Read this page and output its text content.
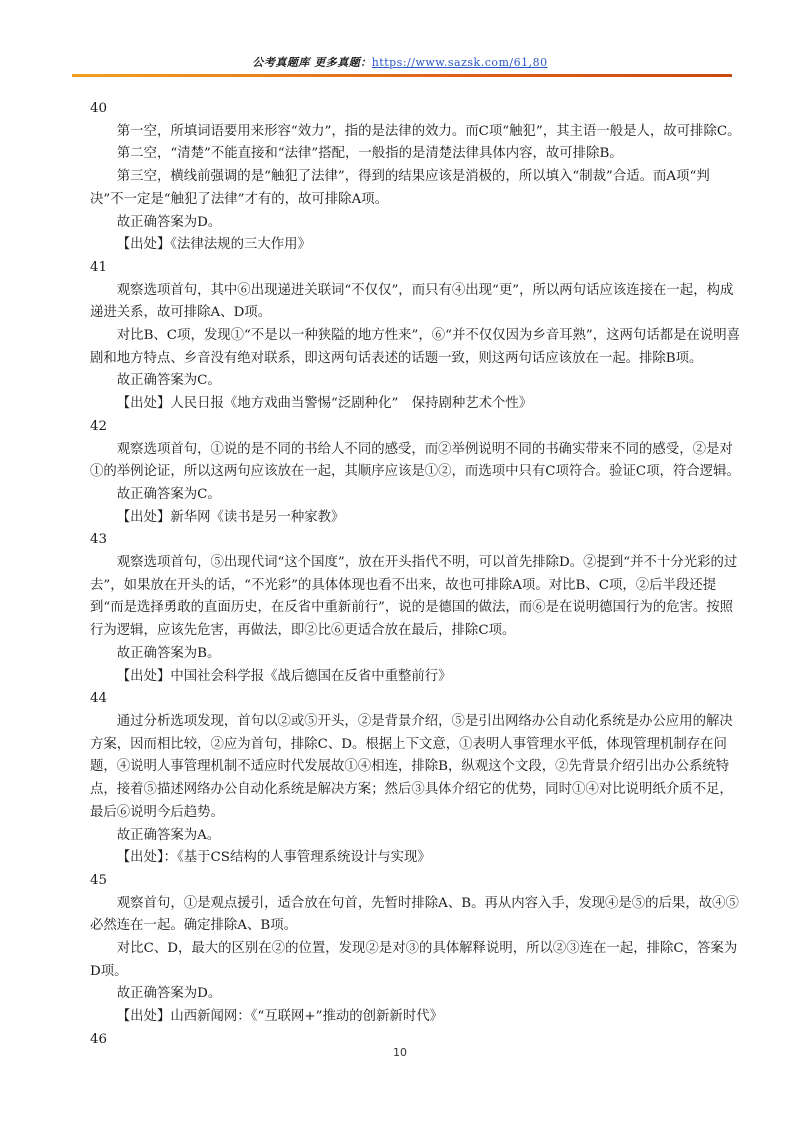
公考真题库 更多真题：https://www.sazsk.com/61,80

40

第一空，所填词语要用来形容“效力”，指的是法律的效力。而C项“触犯”，其主语一般是人，故可排除C。

第二空，“清楚”不能直接和“法律”搭配，一般指的是清楚法律具体内容，故可排除B。

第三空，横线前强调的是“触犯了法律”，得到的结果应该是消极的，所以填入“制裁”合适。而A项“判决”不一定是“触犯了法律”才有的，故可排除A项。

故正确答案为D。

【出处】《法律法规的三大作用》

41

观察选项首句，其中⑥出现递进关联词“不仅仅”，而只有④出现“更”，所以两句话应该连接在一起，构成递进关系，故可排除A、D项。

对比B、C项，发现①“不是以一种狭隘的地方性来”，⑥“并不仅仅因为乡音耳熟”，这两句话都是在说明喜剧和地方特点、乡音没有绝对联系，即这两句话表述的话题一致，则这两句话应该放在一起。排除B项。

故正确答案为C。

【出处】人民日报《地方戏曲当警惕“泛剧种化”　保持剧种艺术个性》

42

观察选项首句，①说的是不同的书给人不同的感受，而②举例说明不同的书确实带来不同的感受，②是对①的举例论证，所以这两句应该放在一起，其顺序应该是①②，而选项中只有C项符合。验证C项，符合逻辑。

故正确答案为C。

【出处】新华网《读书是另一种家教》

43

观察选项首句，⑤出现代词“这个国度”，放在开头指代不明，可以首先排除D。②提到“并不十分光彩的过去”，如果放在开头的话，“不光彩”的具体体现也看不出来，故也可排除A项。对比B、C项，②后半段还提到“而是选择勇敢的直面历史，在反省中重新前行”，说的是德国的做法，而⑥是在说明德国行为的危害。按照行为逻辑，应该先危害，再做法，即②比⑥更适合放在最后，排除C项。

故正确答案为B。

【出处】中国社会科学报《战后德国在反省中重整前行》

44

通过分析选项发现，首句以②或⑤开头，②是背景介绍，⑤是引出网络办公自动化系统是办公应用的解决方案，因而相比较，②应为首句，排除C、D。根据上下文意，①表明人事管理水平低，体现管理机制存在问题，④说明人事管理机制不适应时代发展故①④相连，排除B，纵观这个文段，②先背景介绍引出办公系统特点，接着⑤描述网络办公自动化系统是解决方案；然后③具体介绍它的优势，同时①④对比说明纸介质不足，最后⑥说明今后趋势。

故正确答案为A。

【出处】：《基于CS结构的人事管理系统设计与实现》

45

观察首句，①是观点援引，适合放在句首，先暂时排除A、B。再从内容入手，发现④是⑤的后果，故④⑤必然连在一起。确定排除A、B项。

对比C、D，最大的区别在②的位置，发现②是对③的具体解释说明，所以②③连在一起，排除C，答案为D项。

故正确答案为D。

【出处】山西新闻网：《“互联网+”推动的创新新时代》

46

10
